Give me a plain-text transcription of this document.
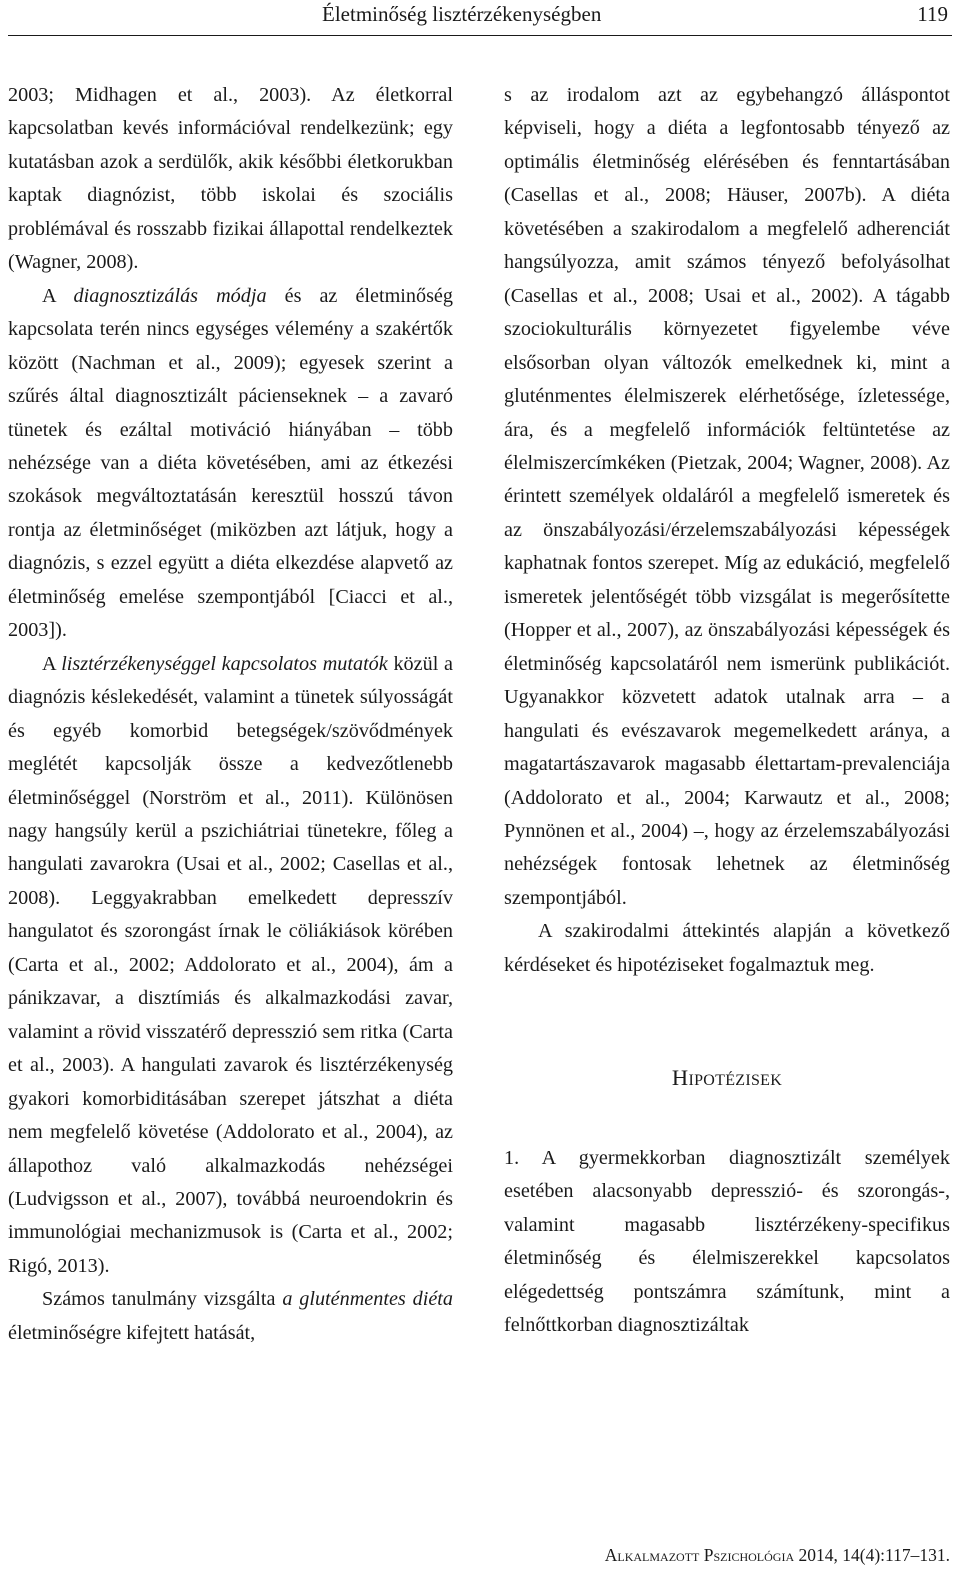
Életminőség lisztérzékenységben	119

2003; Midhagen et al., 2003). Az életkorral kapcsolatban kevés információval rendelkezünk; egy kutatásban azok a serdülők, akik későbbi életkorukban kaptak diagnózist, több iskolai és szociális problémával és rosszabb fizikai állapottal rendelkeztek (Wagner, 2008).

A diagnosztizálás módja és az életminőség kapcsolata terén nincs egységes vélemény a szakértők között (Nachman et al., 2009); egyesek szerint a szűrés által diagnosztizált pácienseknek – a zavaró tünetek és ezáltal motiváció hiányában – több nehézsége van a diéta követésében, ami az étkezési szokások megváltoztatásán keresztül hosszú távon rontja az életminőséget (miközben azt látjuk, hogy a diagnózis, s ezzel együtt a diéta elkezdése alapvető az életminőség emelése szempontjából [Ciacci et al., 2003]).

A lisztérzékenységgel kapcsolatos mutatók közül a diagnózis késlekedését, valamint a tünetek súlyosságát és egyéb komorbid betegségek/szövődmények meglétét kapcsolják össze a kedvezőtlenebb életminőséggel (Norström et al., 2011). Különösen nagy hangsúly kerül a pszichiátriai tünetekre, főleg a hangulati zavarokra (Usai et al., 2002; Casellas et al., 2008). Leggyakrabban emelkedett depresszív hangulatot és szorongást írnak le cöliákiások körében (Carta et al., 2002; Addolorato et al., 2004), ám a pánikzavar, a disztímiás és alkalmazkodási zavar, valamint a rövid visszatérő depresszió sem ritka (Carta et al., 2003). A hangulati zavarok és lisztérzékenység gyakori komorbiditásában szerepet játszhat a diéta nem megfelelő követése (Addolorato et al., 2004), az állapothoz való alkalmazkodás nehézségei (Ludvigsson et al., 2007), továbbá neuroendokrin és immunológiai mechanizmusok is (Carta et al., 2002; Rigó, 2013).

Számos tanulmány vizsgálta a gluténmentes diéta életminőségre kifejtett hatását,

s az irodalom azt az egybehangzó álláspontot képviseli, hogy a diéta a legfontosabb tényező az optimális életminőség elérésében és fenntartásában (Casellas et al., 2008; Häuser, 2007b). A diéta követésében a szakirodalom a megfelelő adherenciát hangsúlyozza, amit számos tényező befolyásolhat (Casellas et al., 2008; Usai et al., 2002). A tágabb szociokulturális környezetet figyelembe véve elsősorban olyan változók emelkednek ki, mint a gluténmentes élelmiszerek elérhetősége, ízletessége, ára, és a megfelelő információk feltüntetése az élelmiszercímkéken (Pietzak, 2004; Wagner, 2008). Az érintett személyek oldaláról a megfelelő ismeretek és az önszabályozási/érzelemszabályozási képességek kaphatnak fontos szerepet. Míg az edukáció, megfelelő ismeretek jelentőségét több vizsgálat is megerősítette (Hopper et al., 2007), az önszabályozási képességek és életminőség kapcsolatáról nem ismerünk publikációt. Ugyanakkor közvetett adatok utalnak arra – a hangulati és evészavarok megemelkedett aránya, a magatartászavarok magasabb élettartam-prevalenciája (Addolorato et al., 2004; Karwautz et al., 2008; Pynnönen et al., 2004) –, hogy az érzelemszabályozási nehézségek fontosak lehetnek az életminőség szempontjából.

A szakirodalmi áttekintés alapján a következő kérdéseket és hipotéziseket fogalmaztuk meg.

Hipotézisek

1. A gyermekkorban diagnosztizált személyek esetében alacsonyabb depresszió- és szorongás-, valamint magasabb lisztérzékeny-specifikus életminőség és élelmiszerekkel kapcsolatos elégedettség pontszámra számítunk, mint a felnőttkorban diagnosztizáltak

Alkalmazott Pszichológia 2014, 14(4):117–131.
